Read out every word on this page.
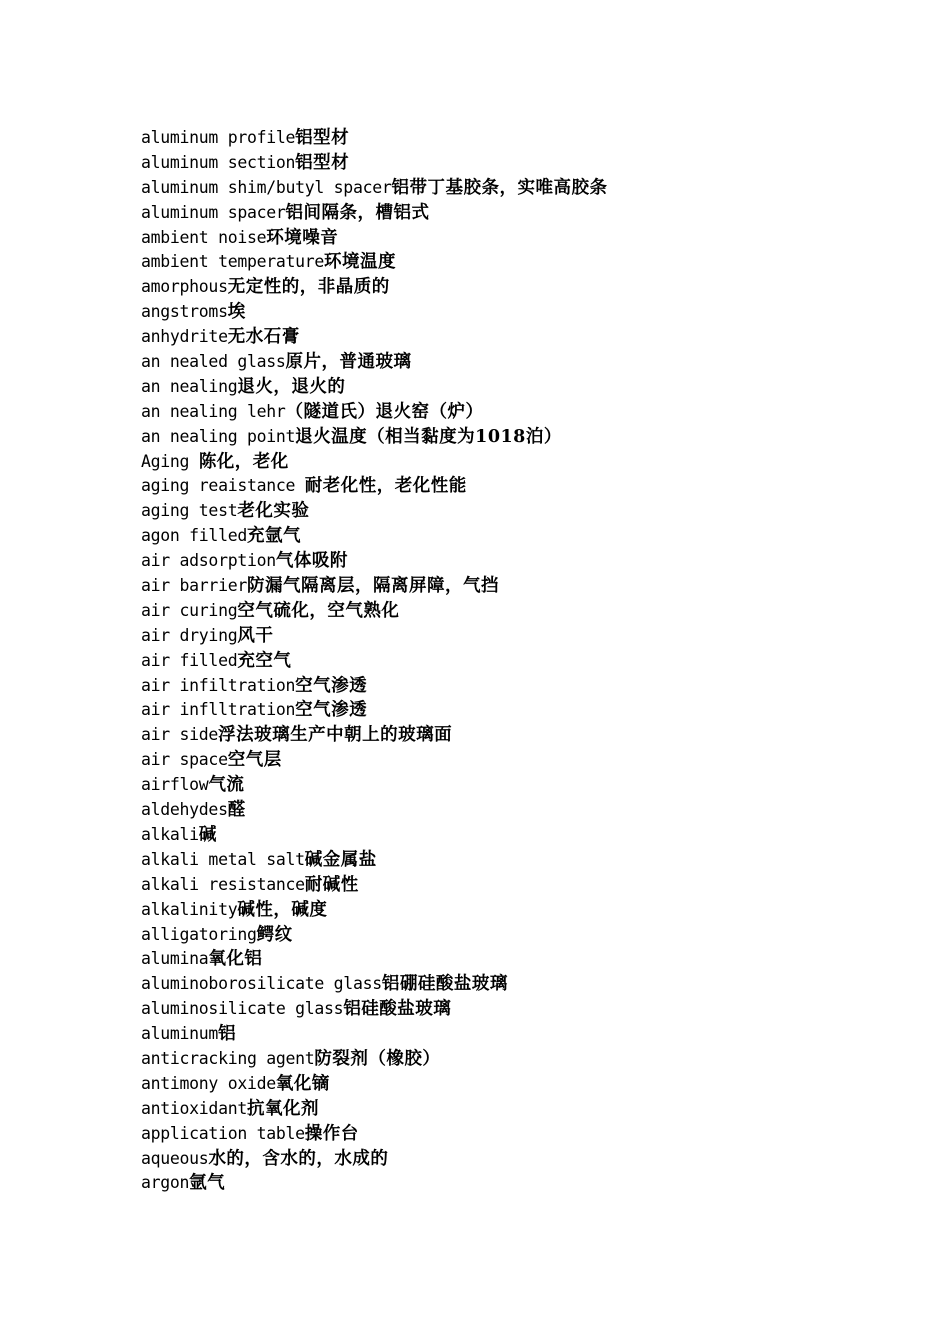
aluminum profile铝型材
aluminum section铝型材
aluminum shim/butyl spacer铝带丁基胶条，实唯高胶条
aluminum spacer铝间隔条，槽铝式
ambient noise环境噪音
ambient temperature环境温度
amorphous无定性的，非晶质的
angstroms埃
anhydrite无水石膏
an nealed glass原片，普通玻璃
an nealing退火，退火的
an nealing lehr（隧道氏）退火窑（炉）
an nealing point退火温度（相当黏度为1018泊）
Aging 陈化，老化
aging reaistance 耐老化性，老化性能
aging test老化实验
agon filled充氩气
air adsorption气体吸附
air barrier防漏气隔离层，隔离屏障，气挡
air curing空气硫化，空气熟化
air drying风干
air filled充空气
air infiltration空气渗透
air inflltration空气渗透
air side浮法玻璃生产中朝上的玻璃面
air space空气层
airflow气流
aldehydes醛
alkali碱
alkali metal salt碱金属盐
alkali resistance耐碱性
alkalinity碱性，碱度
alligatoring鳄纹
alumina氧化铝
aluminoborosilicate glass铝硼硅酸盐玻璃
aluminosilicate glass铝硅酸盐玻璃
aluminum铝
anticracking agent防裂剂（橡胶）
antimony oxide氧化镝
antioxidant抗氧化剂
application table操作台
aqueous水的，含水的，水成的
argon氩气
